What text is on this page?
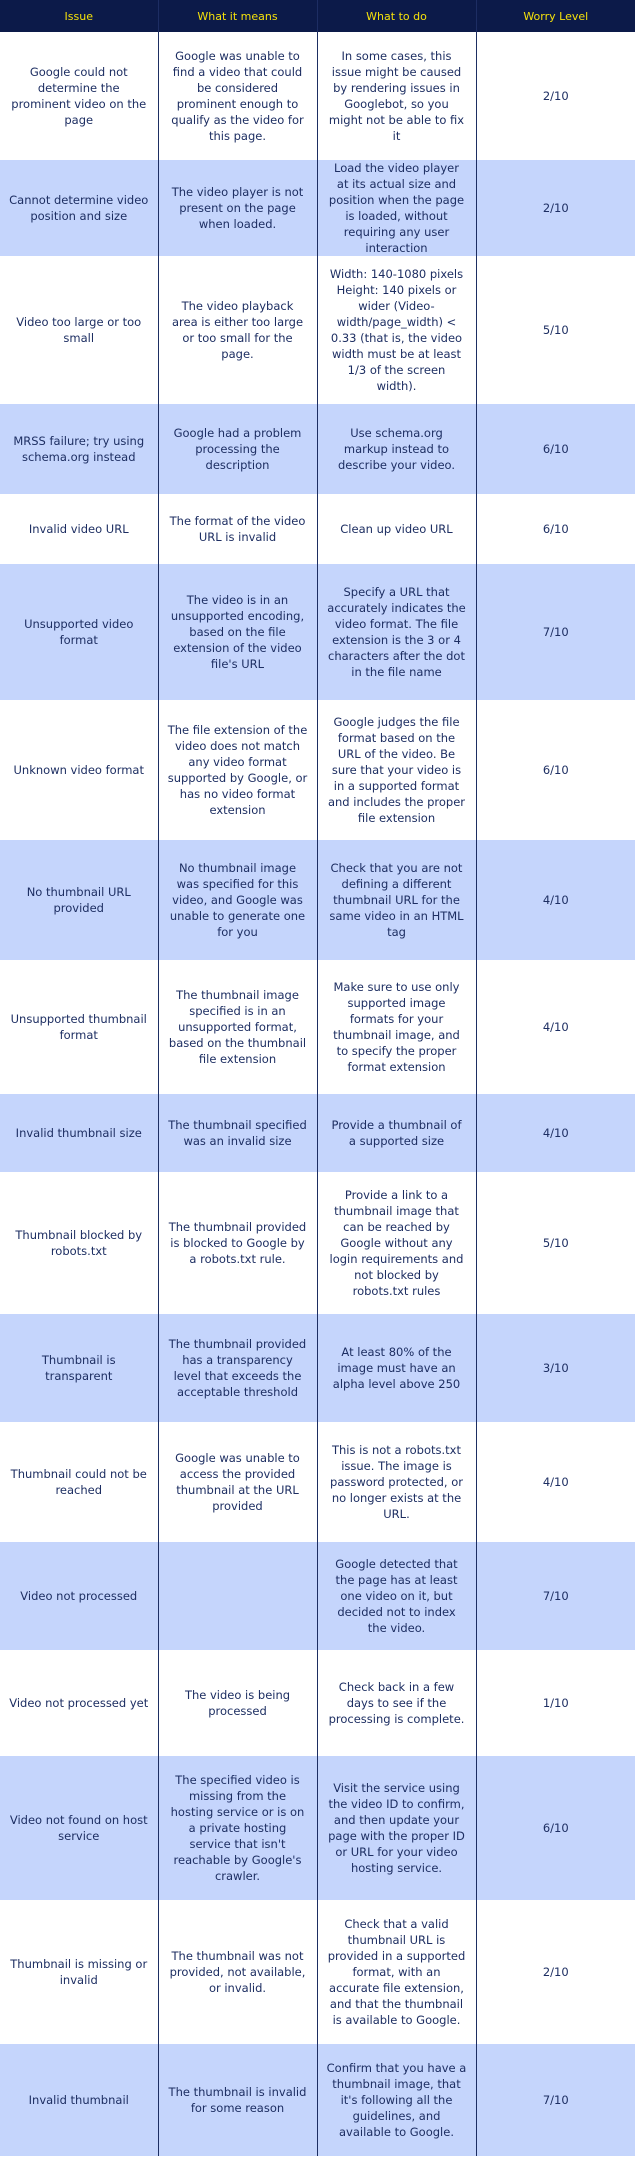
Issue	What it means	What to do	Worry Level
Google could not determine the prominent video on the page	Google was unable to find a video that could be considered prominent enough to qualify as the video for this page.	In some cases, this issue might be caused by rendering issues in Googlebot, so you might not be able to fix it	2/10
Cannot determine video position and size	The video player is not present on the page when loaded.	Load the video player at its actual size and position when the page is loaded, without requiring any user interaction	2/10
Video too large or too small	The video playback area is either too large or too small for the page.	Width: 140-1080 pixels Height: 140 pixels or wider (Video-width/page_width) < 0.33 (that is, the video width must be at least 1/3 of the screen width).	5/10
MRSS failure; try using schema.org instead	Google had a problem processing the description	Use schema.org markup instead to describe your video.	6/10
Invalid video URL	The format of the video URL is invalid	Clean up video URL	6/10
Unsupported video format	The video is in an unsupported encoding, based on the file extension of the video file's URL	Specify a URL that accurately indicates the video format. The file extension is the 3 or 4 characters after the dot in the file name	7/10
Unknown video format	The file extension of the video does not match any video format supported by Google, or has no video format extension	Google judges the file format based on the URL of the video. Be sure that your video is in a supported format and includes the proper file extension	6/10
No thumbnail URL provided	No thumbnail image was specified for this video, and Google was unable to generate one for you	Check that you are not defining a different thumbnail URL for the same video in an HTML tag	4/10
Unsupported thumbnail format	The thumbnail image specified is in an unsupported format, based on the thumbnail file extension	Make sure to use only supported image formats for your thumbnail image, and to specify the proper format extension	4/10
Invalid thumbnail size	The thumbnail specified was an invalid size	Provide a thumbnail of a supported size	4/10
Thumbnail blocked by robots.txt	The thumbnail provided is blocked to Google by a robots.txt rule.	Provide a link to a thumbnail image that can be reached by Google without any login requirements and not blocked by robots.txt rules	5/10
Thumbnail is transparent	The thumbnail provided has a transparency level that exceeds the acceptable threshold	At least 80% of the image must have an alpha level above 250	3/10
Thumbnail could not be reached	Google was unable to access the provided thumbnail at the URL provided	This is not a robots.txt issue. The image is password protected, or no longer exists at the URL.	4/10
Video not processed		Google detected that the page has at least one video on it, but decided not to index the video.	7/10
Video not processed yet	The video is being processed	Check back in a few days to see if the processing is complete.	1/10
Video not found on host service	The specified video is missing from the hosting service or is on a private hosting service that isn't reachable by Google's crawler.	Visit the service using the video ID to confirm, and then update your page with the proper ID or URL for your video hosting service.	6/10
Thumbnail is missing or invalid	The thumbnail was not provided, not available, or invalid.	Check that a valid thumbnail URL is provided in a supported format, with an accurate file extension, and that the thumbnail is available to Google.	2/10
Invalid thumbnail	The thumbnail is invalid for some reason	Confirm that you have a thumbnail image, that it's following all the guidelines, and available to Google.	7/10
